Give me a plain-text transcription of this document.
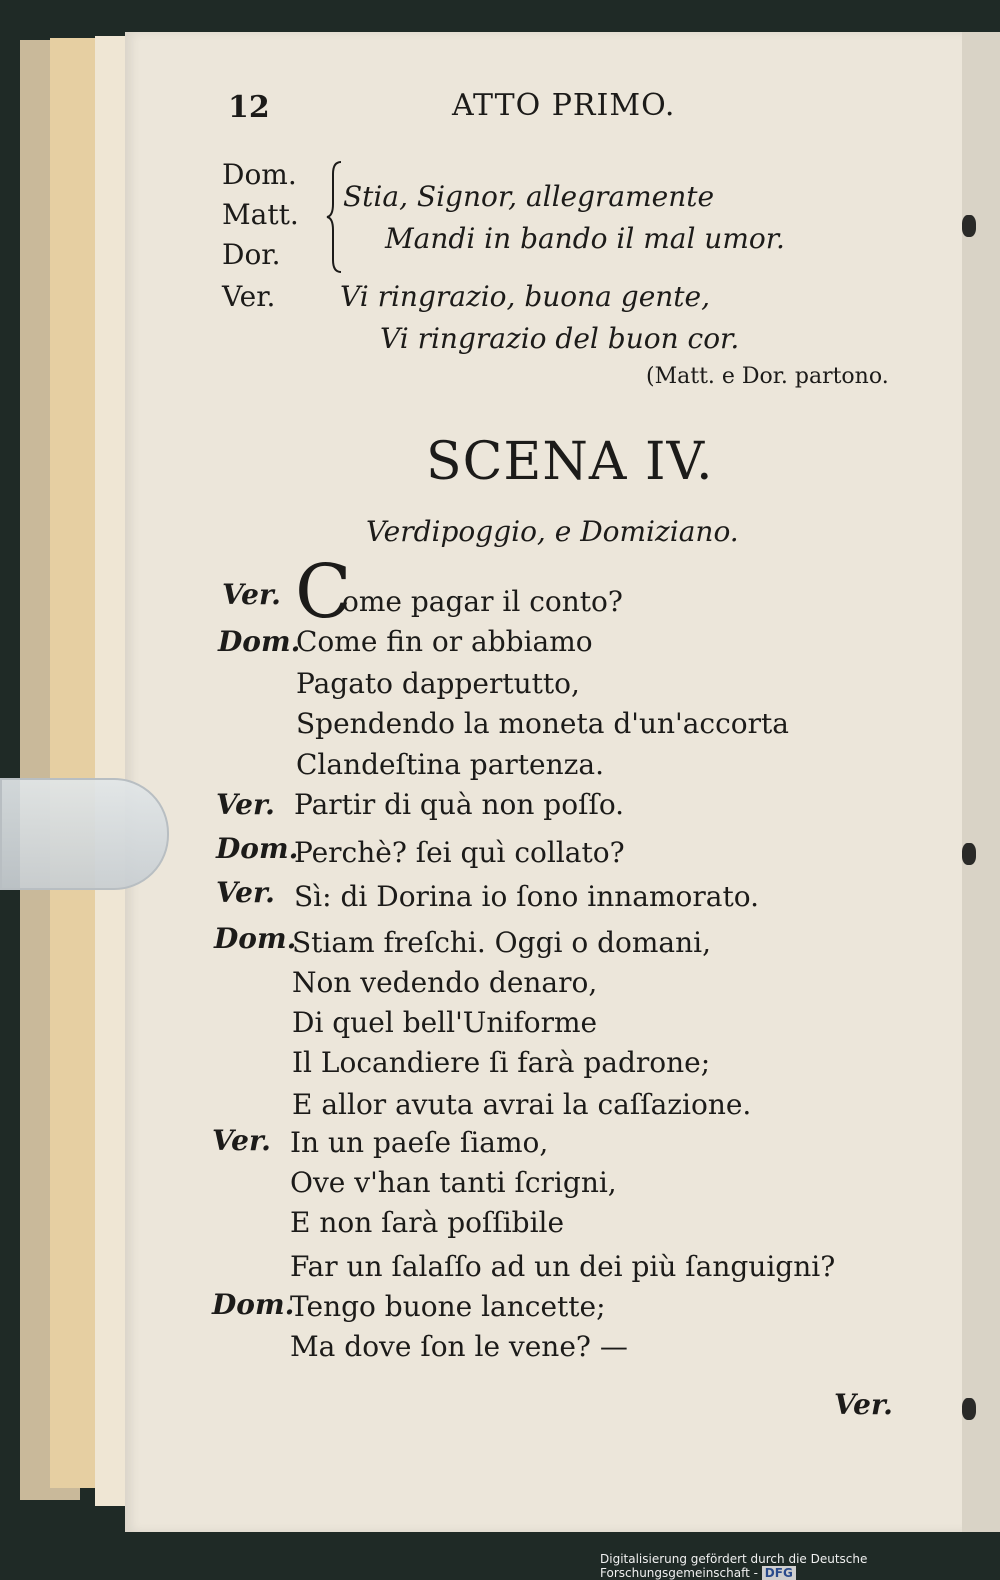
12	ATTO PRIMO.
Dom.
Matt.
Dor.
Stia, Signor, allegramente
Mandi in bando il mal umor.
Ver. Vi ringrazio, buona gente,
Vi ringrazio del buon cor.
(Matt. e Dor. partono.
SCENA IV.
Verdipoggio, e Domiziano.
Ver. C
ome pagar il conto?
Dom.
Come fin or abbiamo
Pagato dappertutto,
Spendendo la moneta d'un'accorta
Clandeſtina partenza.
Ver. Partir di quà non poſſo.
Dom.
Perchè? ſei quì collato?
Ver. Sì: di Dorina io ſono innamorato.
Dom.
Stiam freſchi. Oggi o domani,
Non vedendo denaro,
Di quel bell'Uniforme
Il Locandiere ſi farà padrone;
E allor avuta avrai la caſſazione.
Ver. In un paeſe ſiamo,
Ove v'han tanti ſcrigni,
E non ſarà poſſibile
Far un ſalaſſo ad un dei più ſanguigni?
Dom.
Tengo buone lancette;
Ma dove ſon le vene? —
Ver.
Digitalisierung gefördert durch die Deutsche Forschungsgemeinschaft - DFG
